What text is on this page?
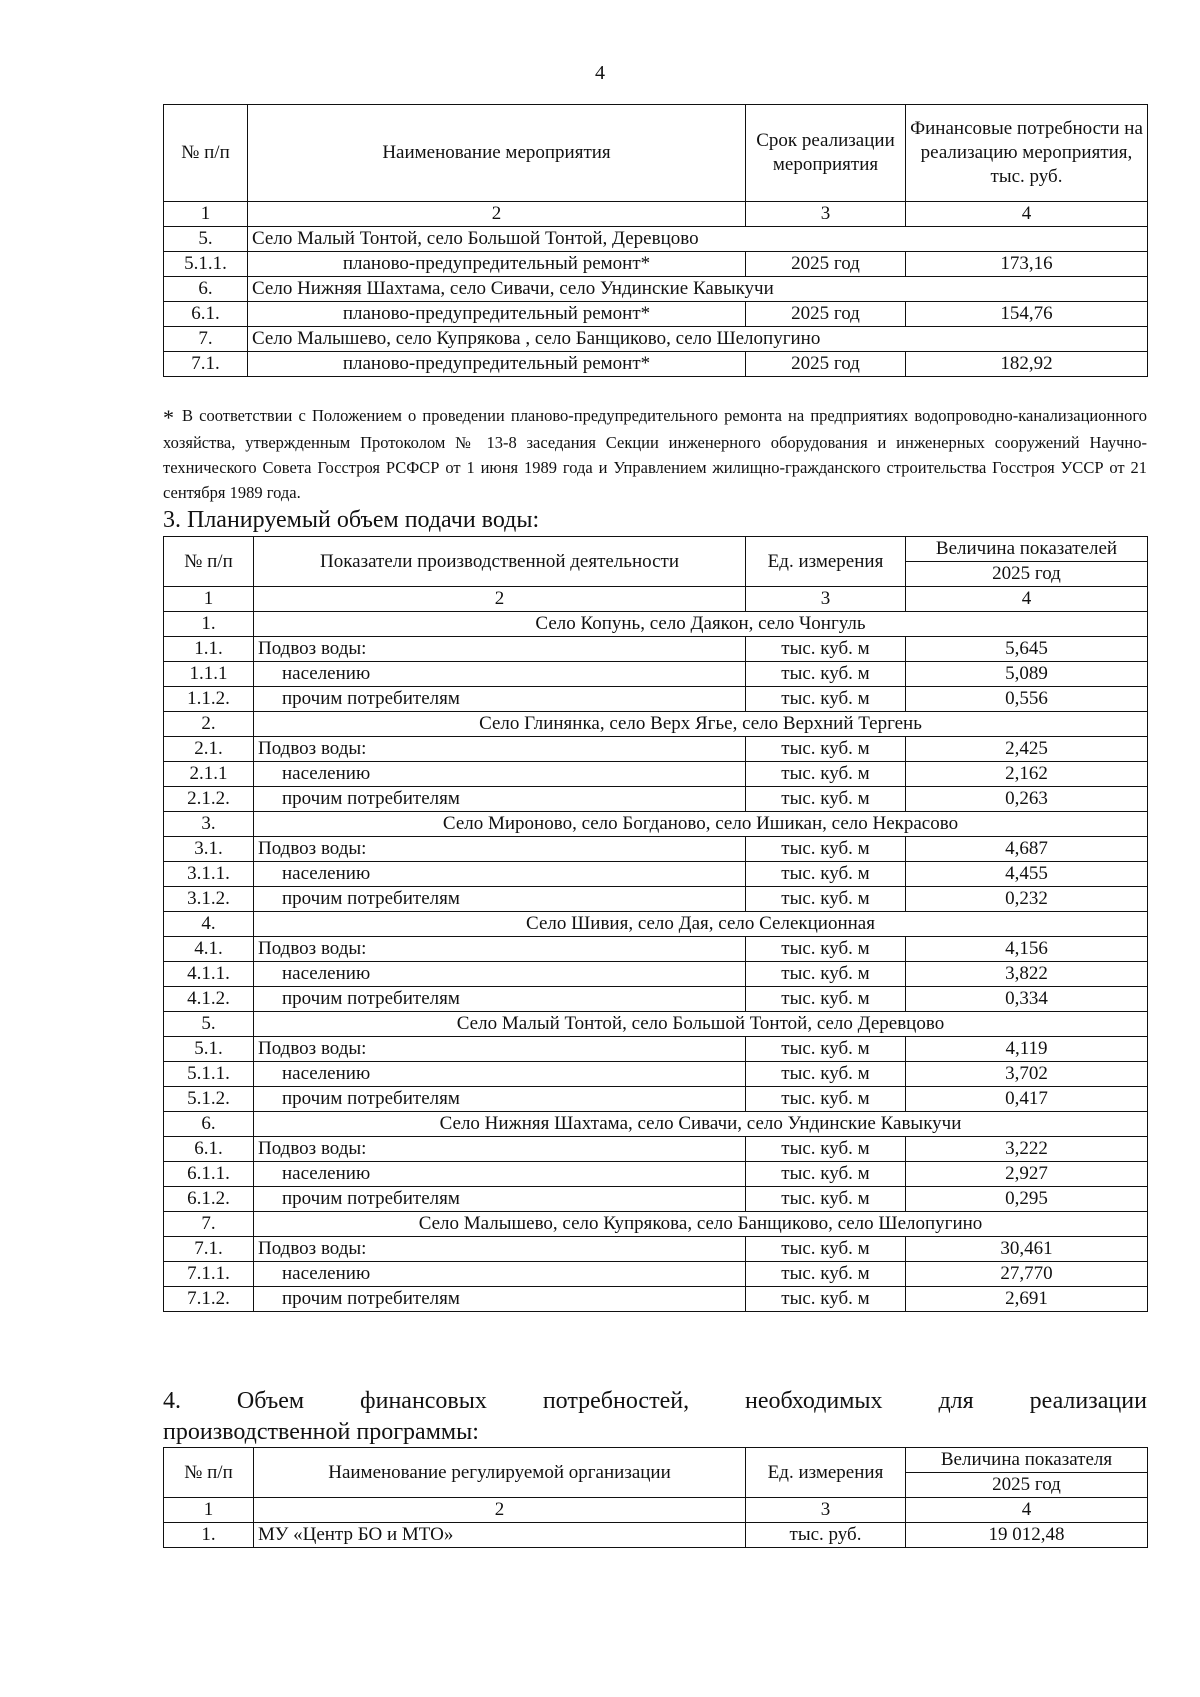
4
№ п/п	Наименование мероприятия	Срок реализации мероприятия	Финансовые потребности на реализацию мероприятия, тыс. руб.
1	2	3	4
5.	Село Малый Тонтой, село Большой Тонтой, Деревцово		
5.1.1.	планово-предупредительный ремонт*	2025 год	173,16
6.	Село Нижняя Шахтама, село Сивачи, село Ундинские Кавыкучи		
6.1.	планово-предупредительный ремонт*	2025 год	154,76
7.	Село Малышево, село Купрякова , село Банщиково, село Шелопугино		
7.1.	планово-предупредительный ремонт*	2025 год	182,92
* В соответствии с Положением о проведении планово-предупредительного ремонта на предприятиях водопроводно-канализационного хозяйства, утвержденным Протоколом № 13-8 заседания Секции инженерного оборудования и инженерных сооружений Научно-технического Совета Госстроя РСФСР от 1 июня 1989 года и Управлением жилищно-гражданского строительства Госстроя УССР от 21 сентября 1989 года.
3. Планируемый объем подачи воды:
№ п/п	Показатели производственной деятельности	Ед. измерения	Величина показателей
			2025 год
1	2	3	4
1.	Село Копунь, село Даякон, село Чонгуль		
1.1.	Подвоз воды:	тыс. куб. м	5,645
1.1.1	населению	тыс. куб. м	5,089
1.1.2.	прочим потребителям	тыс. куб. м	0,556
2.	Село Глинянка, село Верх Ягье, село Верхний Тергень		
2.1.	Подвоз воды:	тыс. куб. м	2,425
2.1.1	населению	тыс. куб. м	2,162
2.1.2.	прочим потребителям	тыс. куб. м	0,263
3.	Село Мироново, село Богданово, село Ишикан, село Некрасово		
3.1.	Подвоз воды:	тыс. куб. м	4,687
3.1.1.	населению	тыс. куб. м	4,455
3.1.2.	прочим потребителям	тыс. куб. м	0,232
4.	Село Шивия, село Дая, село Селекционная		
4.1.	Подвоз воды:	тыс. куб. м	4,156
4.1.1.	населению	тыс. куб. м	3,822
4.1.2.	прочим потребителям	тыс. куб. м	0,334
5.	Село Малый Тонтой, село Большой Тонтой, село Деревцово		
5.1.	Подвоз воды:	тыс. куб. м	4,119
5.1.1.	населению	тыс. куб. м	3,702
5.1.2.	прочим потребителям	тыс. куб. м	0,417
6.	Село Нижняя Шахтама, село Сивачи, село Ундинские Кавыкучи		
6.1.	Подвоз воды:	тыс. куб. м	3,222
6.1.1.	населению	тыс. куб. м	2,927
6.1.2.	прочим потребителям	тыс. куб. м	0,295
7.	Село Малышево, село Купрякова, село Банщиково, село Шелопугино		
7.1.	Подвоз воды:	тыс. куб. м	30,461
7.1.1.	населению	тыс. куб. м	27,770
7.1.2.	прочим потребителям	тыс. куб. м	2,691
4. Объем финансовых потребностей, необходимых для реализации
производственной программы:
№ п/п	Наименование регулируемой организации	Ед. измерения	Величина показателя
			2025 год
1	2	3	4
1.	МУ «Центр БО и МТО»	тыс. руб.	19 012,48
